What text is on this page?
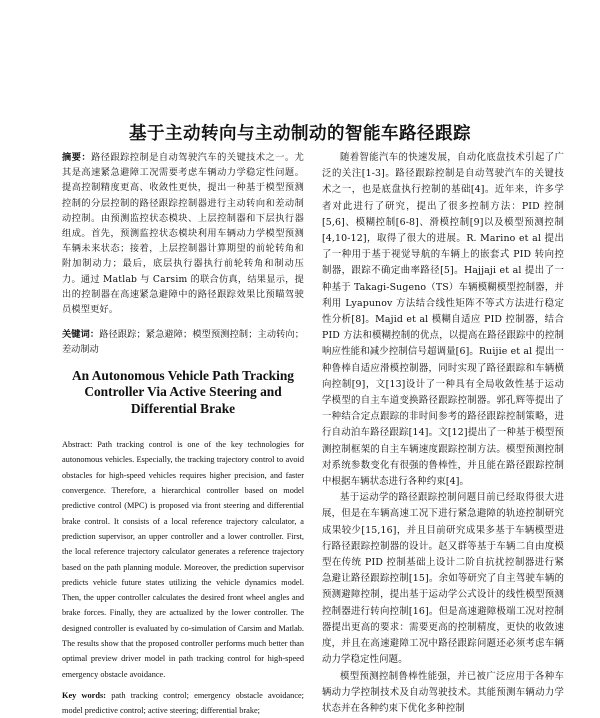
基于主动转向与主动制动的智能车路径跟踪

摘要：路径跟踪控制是自动驾驶汽车的关键技术之一。尤其是高速紧急避障工况需要考虑车辆动力学稳定性问题。提高控制精度更高、收敛性更快，提出一种基于模型预测控制的分层控制的路径跟踪控制器进行主动转向和差动制动控制。由预测监控状态模块、上层控制器和下层执行器组成。首先，预测监控状态模块利用车辆动力学模型预测车辆未来状态；接着，上层控制器计算期望的前轮转角和附加制动力；最后，底层执行器执行前轮转角和制动压力。通过 Matlab 与 Carsim 的联合仿真，结果显示，提出的控制器在高速紧急避障中的路径跟踪效果比预瞄驾驶员模型更好。

关键词：路径跟踪；紧急避障；模型预测控制；主动转向；差动制动

An Autonomous Vehicle Path Tracking Controller Via Active Steering and Differential Brake

Abstract: Path tracking control is one of the key technologies for autonomous vehicles. Especially, the tracking trajectory control to avoid obstacles for high-speed vehicles requires higher precision, and faster convergence. Therefore, a hierarchical controller based on model predictive control (MPC) is proposed via front steering and differential brake control. It consists of a local reference trajectory calculator, a prediction supervisor, an upper controller and a lower controller. First, the local reference trajectory calculator generates a reference trajectory based on the path planning module. Moreover, the prediction supervisor predicts vehicle future states utilizing the vehicle dynamics model. Then, the upper controller calculates the desired front wheel angles and brake forces. Finally, they are actualized by the lower controller. The designed controller is evaluated by co-simulation of Carsim and Matlab. The results show that the proposed controller performs much better than optimal preview driver model in path tracking control for high-speed emergency obstacle avoidance.

Key words: path tracking control; emergency obstacle avoidance; model predictive control; active steering; differential brake;

随着智能汽车的快速发展，自动化底盘技术引起了广泛的关注[1-3]。路径跟踪控制是自动驾驶汽车的关键技术之一，也是底盘执行控制的基础[4]。近年来，许多学者对此进行了研究，提出了很多控制方法：PID 控制[5,6]、模糊控制[6-8]、滑模控制[9]以及模型预测控制[4,10-12]，取得了很大的进展。R. Marino et al 提出了一种用于基于视觉导航的车辆上的嵌套式 PID 转向控制器，跟踪不确定曲率路径[5]。Hajjaji et al 提出了一种基于 Takagi-Sugeno（TS）车辆模糊模型控制器，并利用 Lyapunov 方法结合线性矩阵不等式方法进行稳定性分析[8]。Majid et al 模糊自适应 PID 控制器，结合 PID 方法和模糊控制的优点，以提高在路径跟踪中的控制响应性能和减少控制信号超调量[6]。Ruijie et al 提出一种鲁棒自适应滑模控制器，同时实现了路径跟踪和车辆横向控制[9]，文[13]设计了一种具有全局收敛性基于运动学模型的自主车道变换路径跟踪控制器。郭孔辉等提出了一种结合定点跟踪的非时间参考的路径跟踪控制策略，进行自动泊车路径跟踪[14]。文[12]提出了一种基于模型预测控制框架的自主车辆速度跟踪控制方法。模型预测控制对系统参数变化有很强的鲁棒性，并且能在路径跟踪控制中根据车辆状态进行各种约束[4]。

基于运动学的路径跟踪控制问题目前已经取得很大进展，但是在车辆高速工况下进行紧急避障的轨迹控制研究成果较少[15,16]，并且目前研究成果多基于车辆模型进行路径跟踪控制器的设计。赵又群等基于车辆二自由度模型在传统 PID 控制基础上设计二阶自抗扰控制器进行紧急避让路径跟踪控制[15]。余如等研究了自主驾驶车辆的预测避障控制，提出基于运动学公式设计的线性模型预测控制器进行转向控制[16]。但是高速避障极端工况对控制器提出更高的要求：需要更高的控制精度，更快的收敛速度，并且在高速避障工况中路径跟踪问题还必须考虑车辆动力学稳定性问题。

模型预测控制鲁棒性能强，并已被广泛应用于各种车辆动力学控制技术及自动驾驶技术。其能预测车辆动力学状态并在各种约束下优化多种控制
